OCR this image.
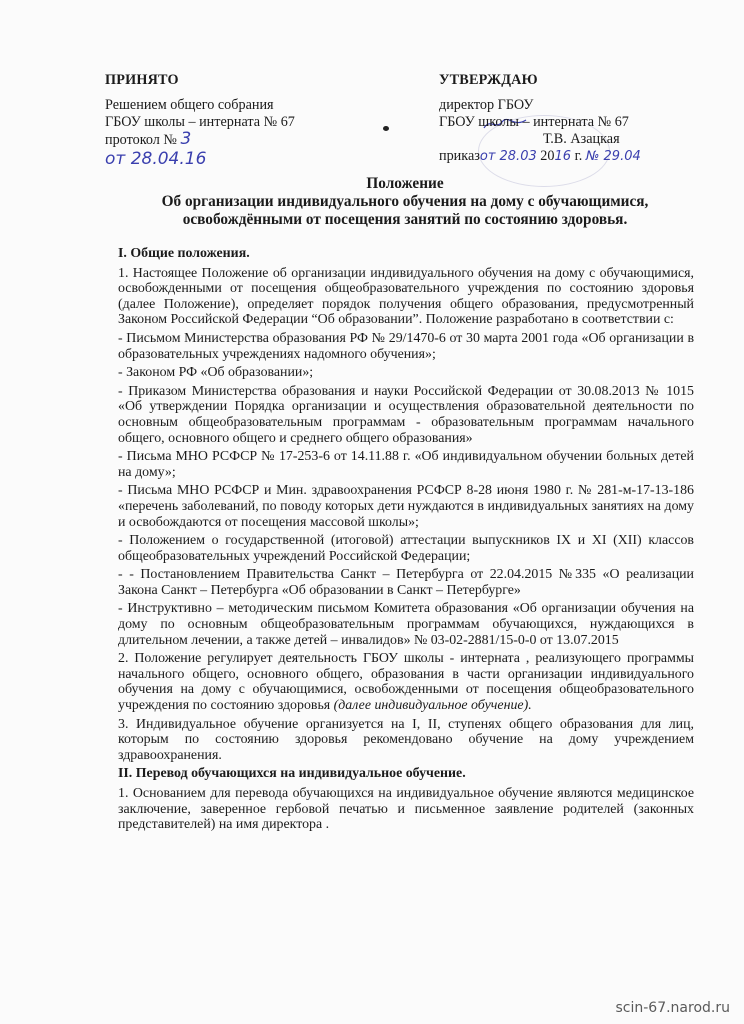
ПРИНЯТО
Решением общего собрания
ГБОУ школы – интерната № 67
протокол № 3
от 28.04.16
УТВЕРЖДАЮ
директор ГБОУ
ГБОУ школы – интерната № 67
Т.В. Азацкая
приказот 28.03 2016 г. № 29.04
Положение
Об организации индивидуального обучения на дому с обучающимися,
освобождёнными от посещения занятий по состоянию здоровья.
I. Общие положения.

1. Настоящее Положение об организации индивидуального обучения на дому с обучающимися, освобожденными от посещения общеобразовательного учреждения по состоянию здоровья (далее Положение), определяет порядок получения общего образования, предусмотренный Законом Российской Федерации “Об образовании”. Положение разработано в соответствии с:

- Письмом Министерства образования РФ № 29/1470-6 от 30 марта 2001 года «Об организации в образовательных учреждениях надомного обучения»;

- Законом РФ «Об образовании»;

- Приказом Министерства образования и науки Российской Федерации от 30.08.2013 № 1015 «Об утверждении Порядка организации и осуществления образовательной деятельности по основным общеобразовательным программам - образовательным программам начального общего, основного общего и среднего общего образования»

- Письма МНО РСФСР № 17-253-6 от 14.11.88 г. «Об индивидуальном обучении больных детей на дому»;

- Письма МНО РСФСР и Мин. здравоохранения РСФСР 8-28 июня 1980 г. № 281-м-17-13-186 «перечень заболеваний, по поводу которых дети нуждаются в индивидуальных занятиях на дому и освобождаются от посещения массовой школы»;

- Положением о государственной (итоговой) аттестации выпускников IX и XI (XII) классов общеобразовательных учреждений Российской Федерации;

- - Постановлением Правительства Санкт – Петербурга от 22.04.2015 №335 «О реализации Закона Санкт – Петербурга «Об образовании в Санкт – Петербурге»

- Инструктивно – методическим письмом Комитета образования «Об организации обучения на дому по основным общеобразовательным программам обучающихся, нуждающихся в длительном лечении, а также детей – инвалидов» № 03-02-2881/15-0-0 от 13.07.2015

2. Положение регулирует деятельность ГБОУ школы - интерната , реализующего программы начального общего, основного общего, образования в части организации индивидуального обучения на дому с обучающимися, освобожденными от посещения общеобразовательного учреждения по состоянию здоровья (далее индивидуальное обучение).

3. Индивидуальное обучение организуется на I, II, ступенях общего образования для лиц, которым по состоянию здоровья рекомендовано обучение на дому учреждением здравоохранения.

II. Перевод обучающихся на индивидуальное обучение.

1. Основанием для перевода обучающихся на индивидуальное обучение являются медицинское заключение, заверенное гербовой печатью и письменное заявление родителей (законных представителей) на имя директора .

scin-67.narod.ru
